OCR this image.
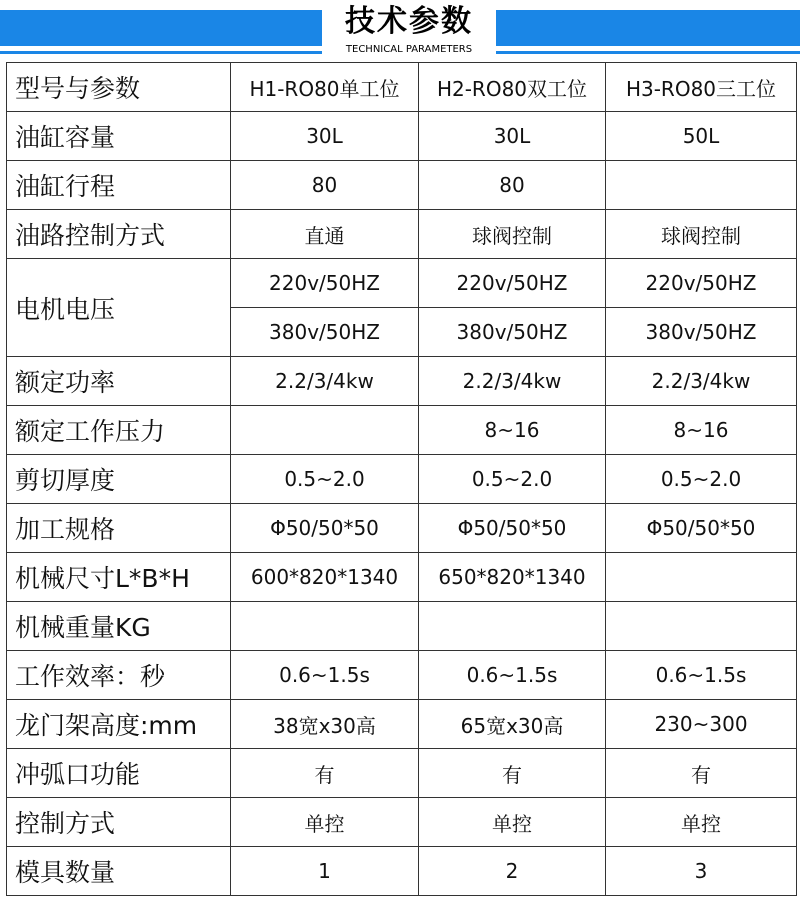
技术参数
TECHNICAL PARAMETERS
型号与参数	H1-RO80单工位	H2-RO80双工位	H3-RO80三工位
油缸容量	30L	30L	50L
油缸行程	80	80	
油路控制方式	直通	球阀控制	球阀控制
电机电压	220v/50HZ	220v/50HZ	220v/50HZ
	380v/50HZ	380v/50HZ	380v/50HZ
额定功率	2.2/3/4kw	2.2/3/4kw	2.2/3/4kw
额定工作压力		8~16	8~16
剪切厚度	0.5~2.0	0.5~2.0	0.5~2.0
加工规格	Φ50/50*50	Φ50/50*50	Φ50/50*50
机械尺寸L*B*H	600*820*1340	650*820*1340	
机械重量KG			
工作效率：秒	0.6~1.5s	0.6~1.5s	0.6~1.5s
龙门架高度:mm	38宽x30高	65宽x30高	230~300
冲弧口功能	有	有	有
控制方式	单控	单控	单控
模具数量	1	2	3
